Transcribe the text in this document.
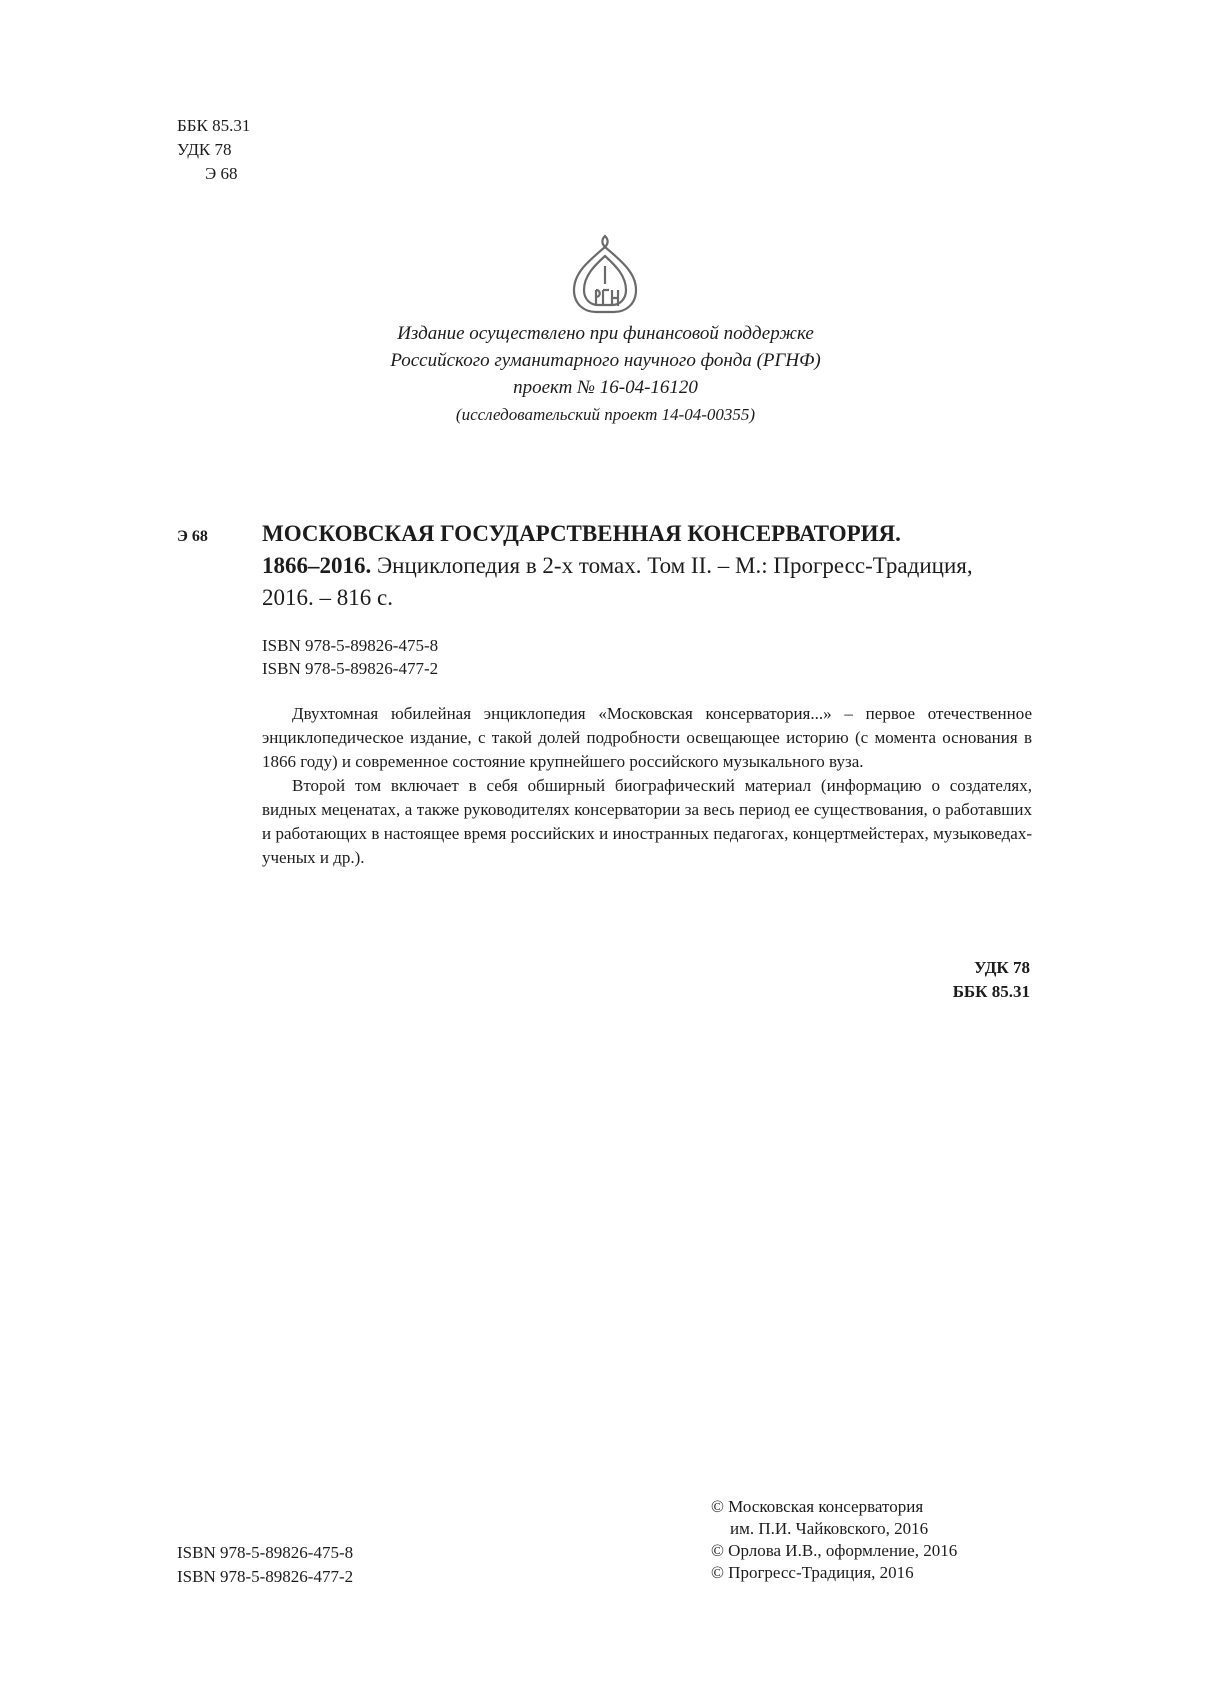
ББК 85.31
УДК 78
Э 68
Издание осуществлено при финансовой поддержке
Российского гуманитарного научного фонда (РГНФ)
проект № 16-04-16120
(исследовательский проект 14-04-00355)
Э 68 МОСКОВСКАЯ ГОСУДАРСТВЕННАЯ КОНСЕРВАТОРИЯ.
1866–2016. Энциклопедия в 2-х томах. Том II. – М.: Прогресс-Традиция,
2016. – 816 с.
ISBN 978-5-89826-475-8
ISBN 978-5-89826-477-2

Двухтомная юбилейная энциклопедия «Московская консерватория...» – первое отечественное энциклопедическое издание, с такой долей подробности освещающее историю (с момента основания в 1866 году) и современное состояние крупнейшего российского музыкального вуза.

Второй том включает в себя обширный биографический материал (информацию о создателях, видных меценатах, а также руководителях консерватории за весь период ее существования, о работавших и работающих в настоящее время российских и иностранных педагогах, концертмейстерах, музыковедах-ученых и др.).

УДК 78
ББК 85.31
ISBN 978-5-89826-475-8
ISBN 978-5-89826-477-2
© Московская консерватория
им. П.И. Чайковского, 2016
© Орлова И.В., оформление, 2016
© Прогресс-Традиция, 2016
